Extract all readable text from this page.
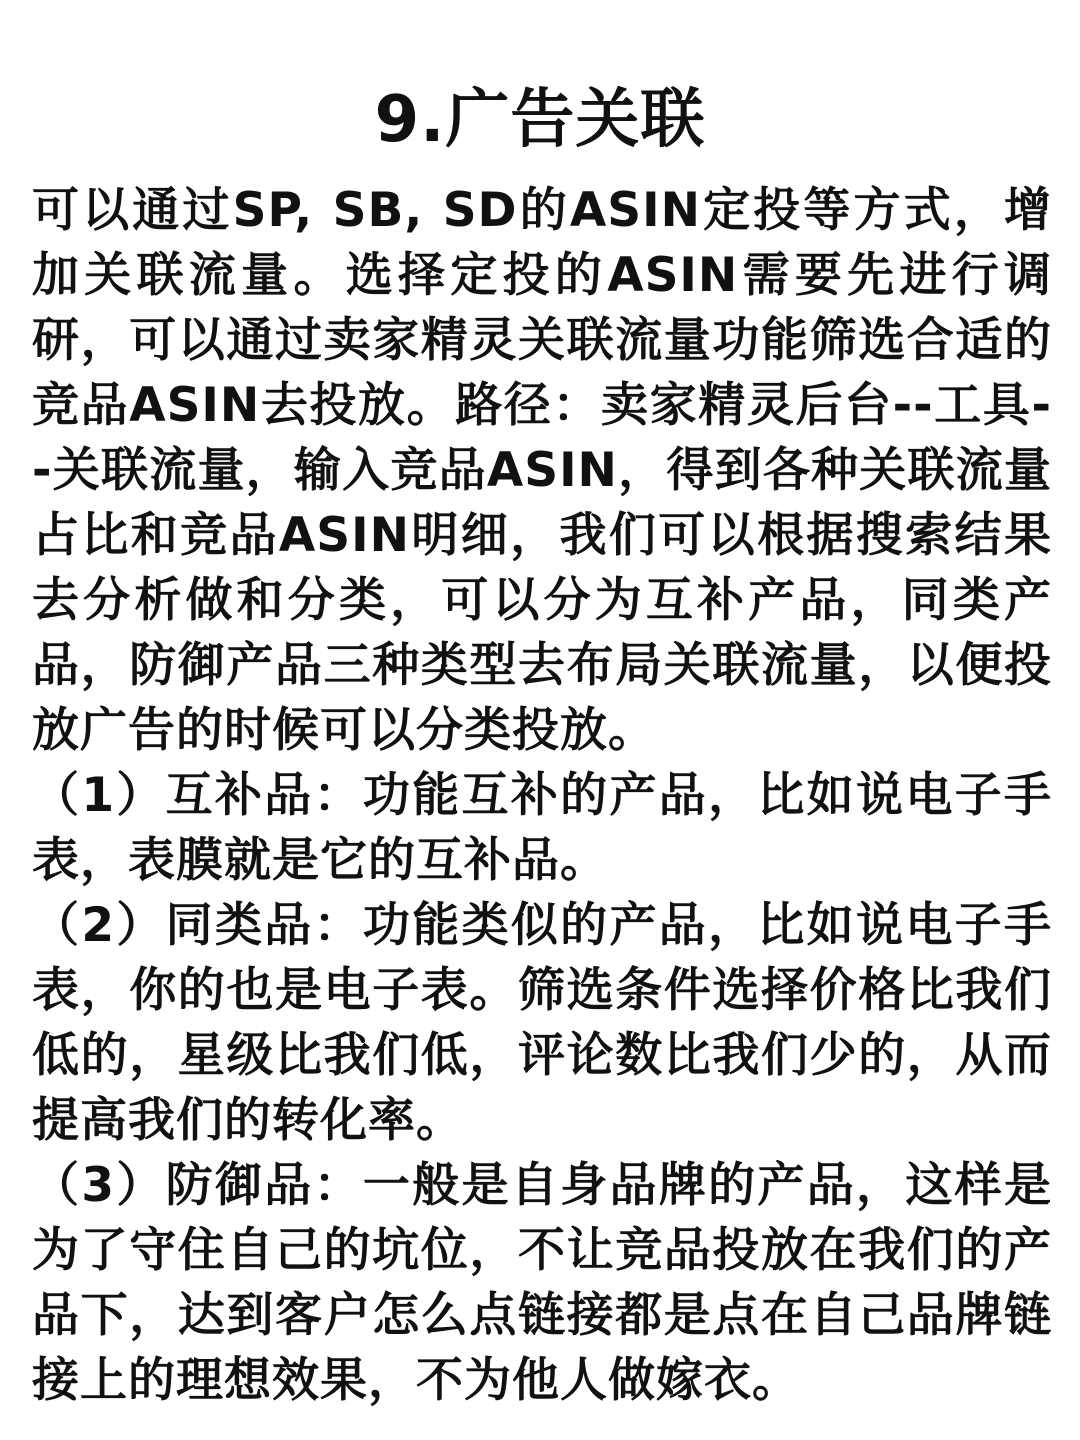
9.广告关联

可以通过SP, SB, SD的ASIN定投等方式，增加关联流量。选择定投的ASIN需要先进行调研，可以通过卖家精灵关联流量功能筛选合适的竞品ASIN去投放。路径：卖家精灵后台--工具--关联流量，输入竞品ASIN，得到各种关联流量占比和竞品ASIN明细，我们可以根据搜索结果去分析做和分类，可以分为互补产品，同类产品，防御产品三种类型去布局关联流量，以便投放广告的时候可以分类投放。

（1）互补品：功能互补的产品，比如说电子手表，表膜就是它的互补品。

（2）同类品：功能类似的产品，比如说电子手表，你的也是电子表。筛选条件选择价格比我们低的，星级比我们低，评论数比我们少的，从而提高我们的转化率。

（3）防御品：一般是自身品牌的产品，这样是为了守住自己的坑位，不让竞品投放在我们的产品下，达到客户怎么点链接都是点在自己品牌链接上的理想效果，不为他人做嫁衣。
